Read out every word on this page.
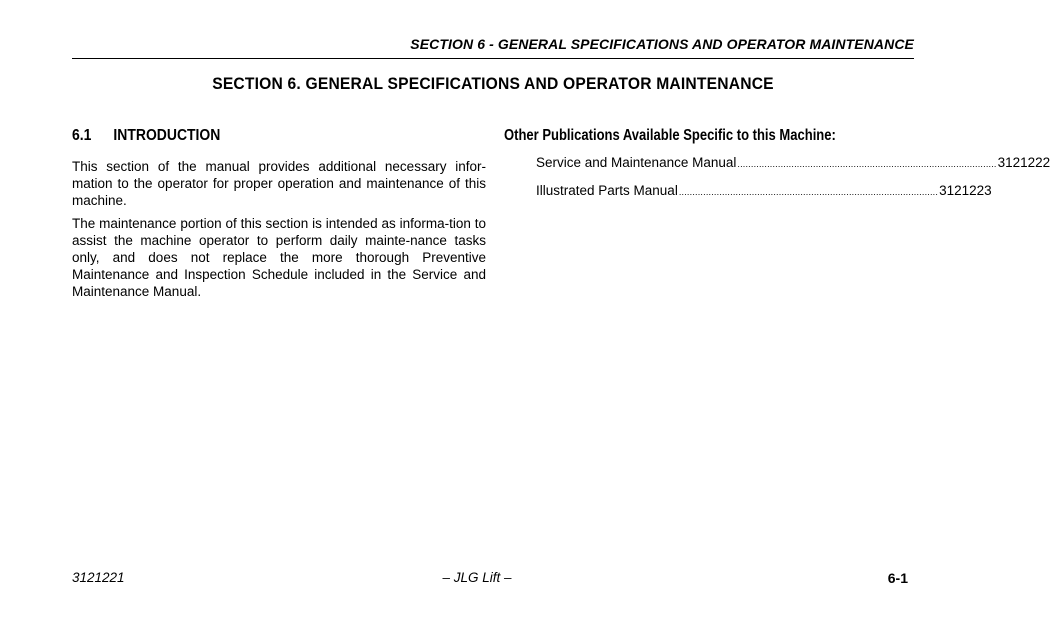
SECTION 6 - GENERAL SPECIFICATIONS AND OPERATOR MAINTENANCE
SECTION 6. GENERAL SPECIFICATIONS AND OPERATOR MAINTENANCE
6.1 INTRODUCTION

This section of the manual provides additional necessary infor-mation to the operator for proper operation and maintenance of this machine.

The maintenance portion of this section is intended as informa-tion to assist the machine operator to perform daily mainte-nance tasks only, and does not replace the more thorough Preventive Maintenance and Inspection Schedule included in the Service and Maintenance Manual.

Other Publications Available Specific to this Machine:
Service and Maintenance Manual ................................................................................................ 3121222
Illustrated Parts Manual ................................................................................................ 3121223
– JLG Lift –
3121221	6-1
